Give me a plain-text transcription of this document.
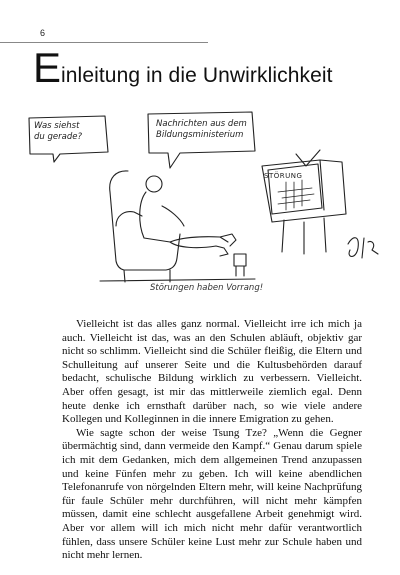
6
Einleitung in die Unwirklichkeit
Was siehst
du gerade?
Nachrichten aus dem
Bildungsministerium
STÖRUNG
Störungen haben Vorrang!

Vielleicht ist das alles ganz normal. Vielleicht irre ich mich ja auch. Vielleicht ist das, was an den Schulen abläuft, objektiv gar nicht so schlimm. Vielleicht sind die Schüler fleißig, die Eltern und Schulleitung auf unserer Seite und die Kultusbehörden darauf bedacht, schulische Bildung wirklich zu verbessern. Vielleicht. Aber offen gesagt, ist mir das mittlerweile ziemlich egal. Denn heute denke ich ernsthaft darüber nach, so wie viele andere Kollegen und Kolleginnen in die innere Emigration zu gehen.

Wie sagte schon der weise Tsung Tze? „Wenn die Gegner übermächtig sind, dann vermeide den Kampf.“ Genau darum spiele ich mit dem Gedanken, mich dem allgemeinen Trend anzupassen und keine Fünfen mehr zu geben. Ich will keine abendlichen Telefonanrufe von nörgelnden Eltern mehr, will keine Nachprüfung für faule Schüler mehr durchführen, will nicht mehr kämpfen müssen, damit eine schlecht ausgefallene Arbeit genehmigt wird. Aber vor allem will ich mich nicht mehr dafür verantwortlich fühlen, dass unsere Schüler keine Lust mehr zur Schule haben und nicht mehr lernen.
